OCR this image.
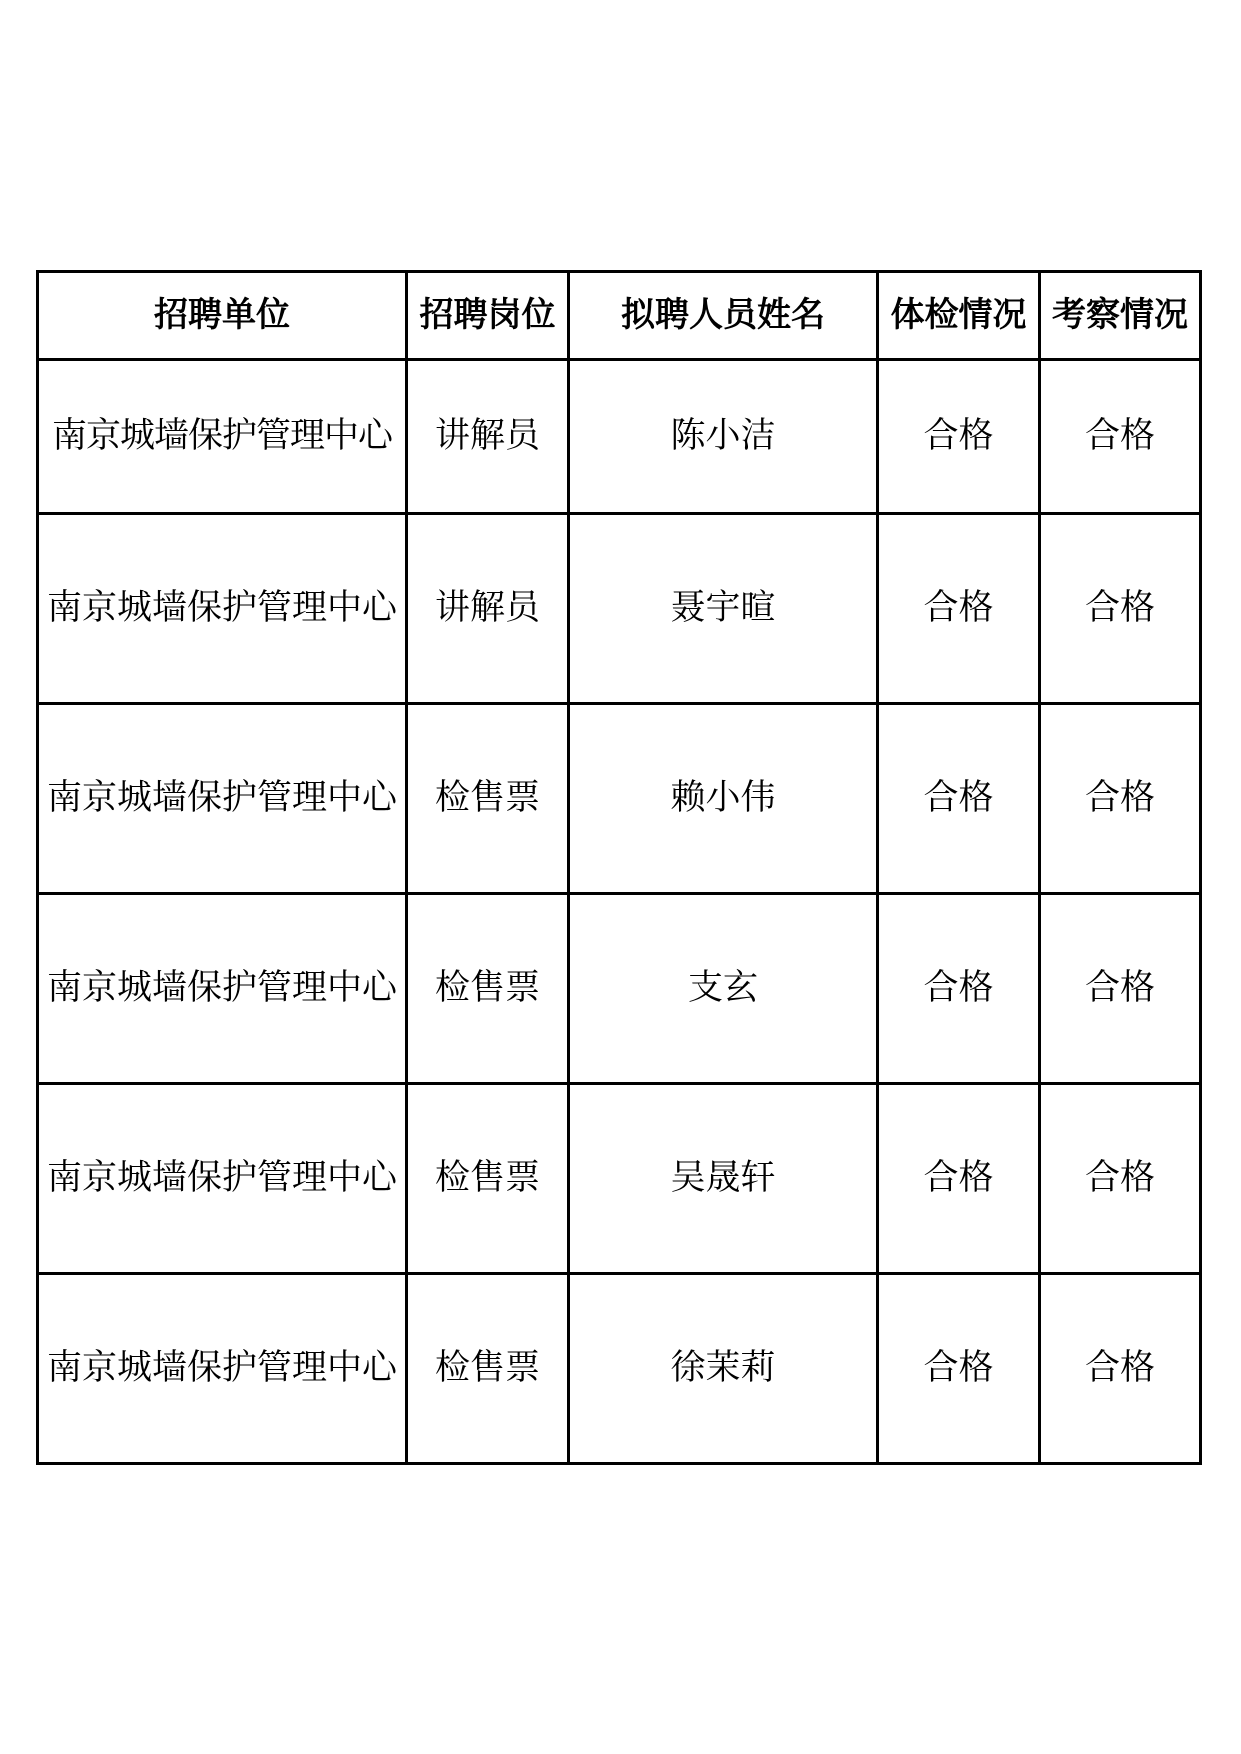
招聘单位	招聘岗位	拟聘人员姓名	体检情况	考察情况
南京城墙保护管理中心	讲解员	陈小洁	合格	合格
南京城墙保护管理中心	讲解员	聂宇暄	合格	合格
南京城墙保护管理中心	检售票	赖小伟	合格	合格
南京城墙保护管理中心	检售票	支玄	合格	合格
南京城墙保护管理中心	检售票	吴晟轩	合格	合格
南京城墙保护管理中心	检售票	徐茉莉	合格	合格
